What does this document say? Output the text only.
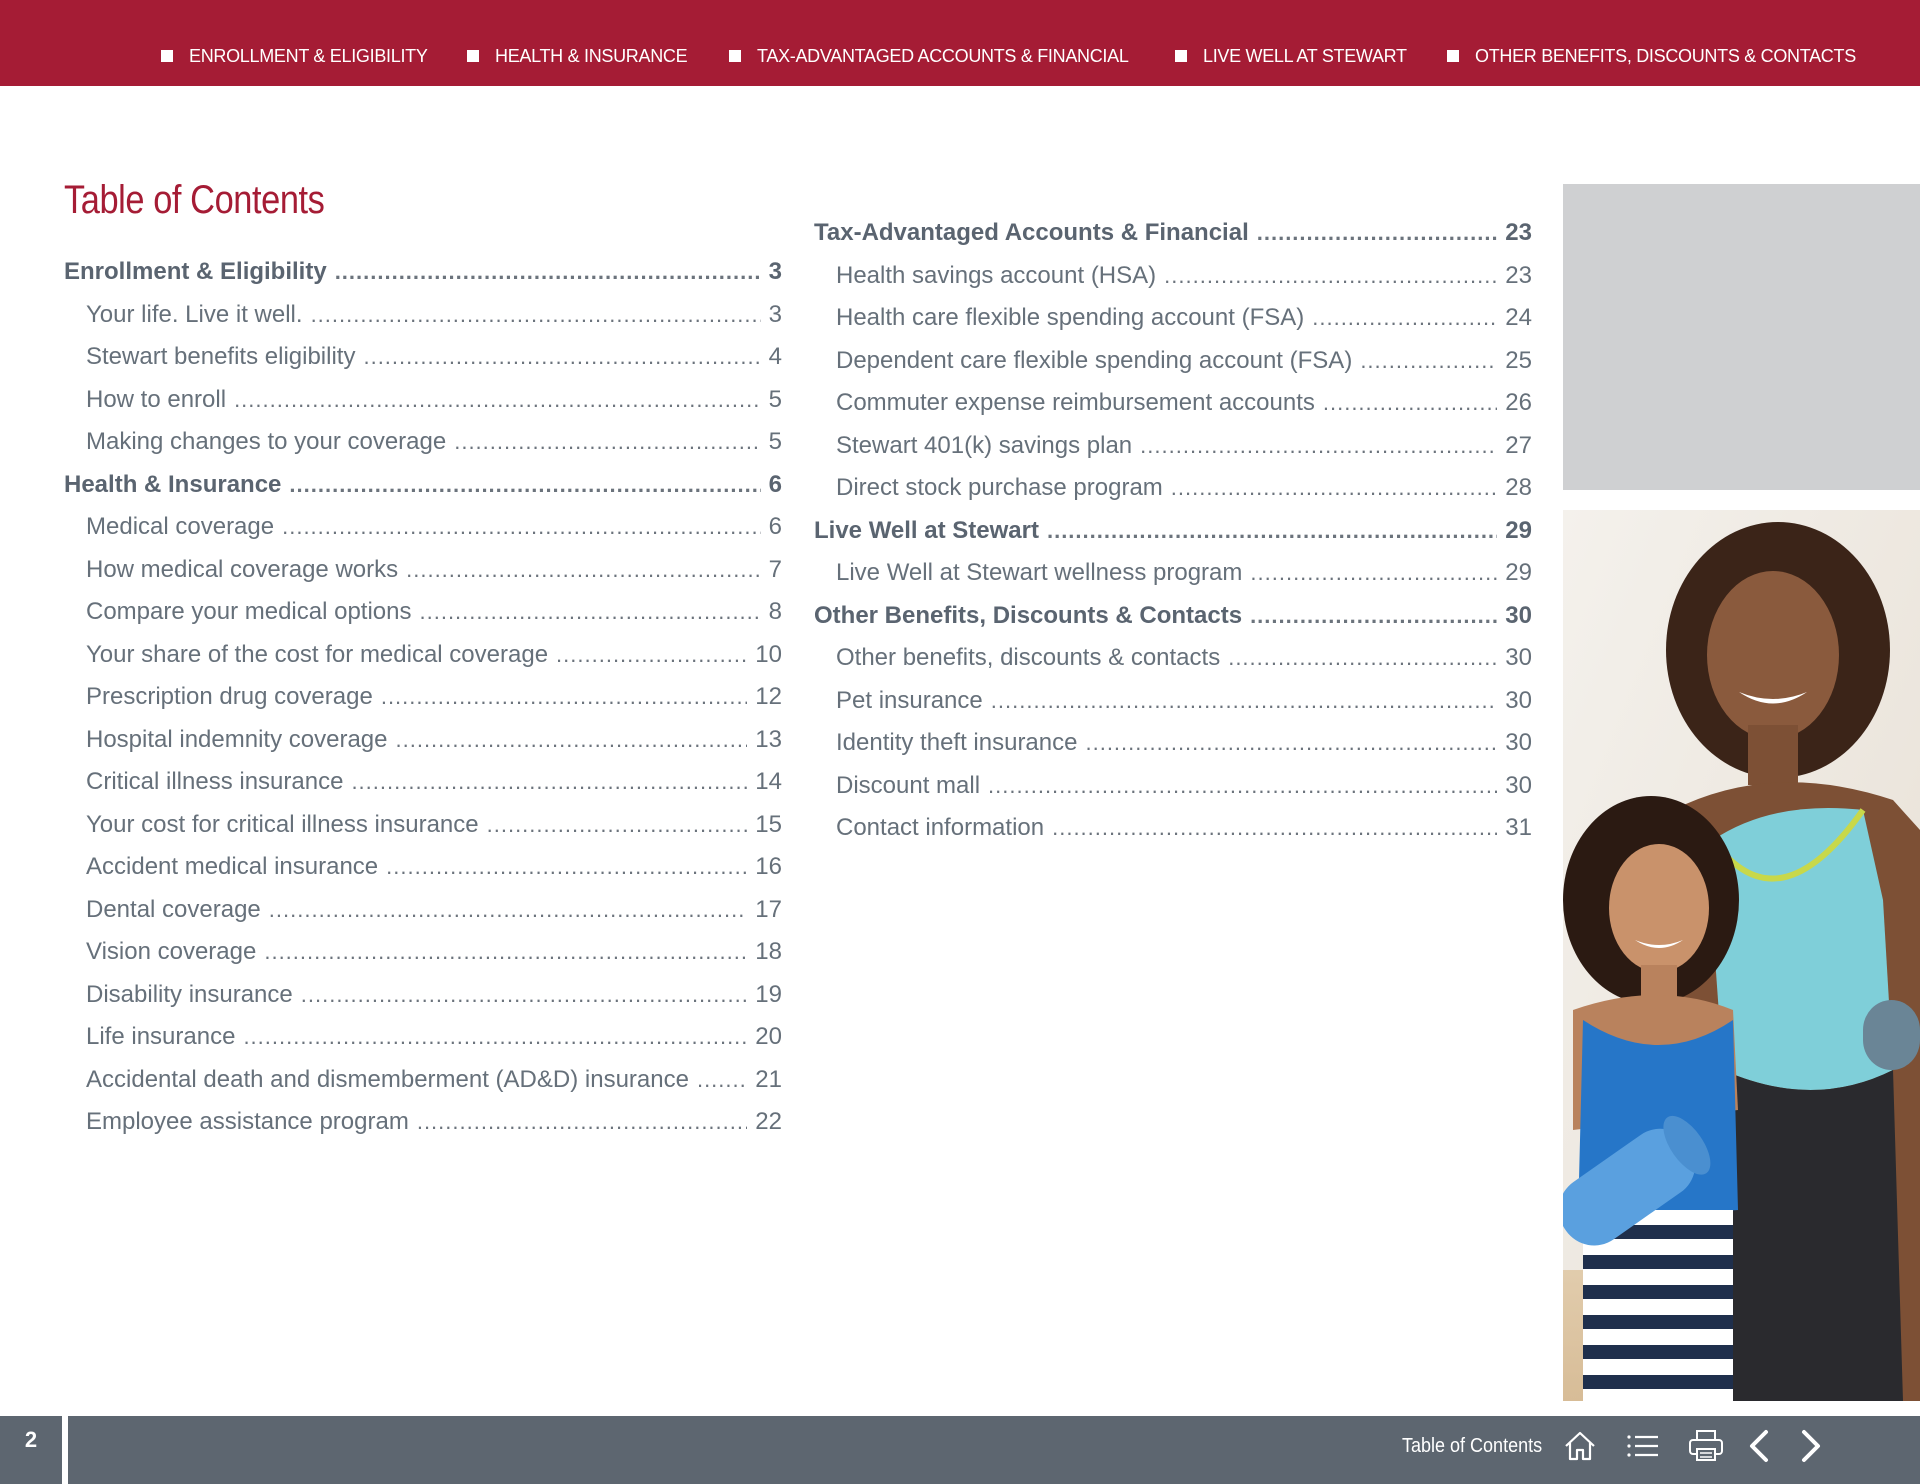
ENROLLMENT & ELIGIBILITY	HEALTH & INSURANCE	TAX-ADVANTAGED ACCOUNTS & FINANCIAL	LIVE WELL AT STEWART	OTHER BENEFITS, DISCOUNTS & CONTACTS
Table of Contents
Enrollment & Eligibility .....	3
Your life. Live it well. .....	3
Stewart benefits eligibility .....	4
How to enroll .....	5
Making changes to your coverage .....	5
Health & Insurance .....	6
Medical coverage .....	6
How medical coverage works .....	7
Compare your medical options .....	8
Your share of the cost for medical coverage .....	10
Prescription drug coverage .....	12
Hospital indemnity coverage .....	13
Critical illness insurance .....	14
Your cost for critical illness insurance .....	15
Accident medical insurance .....	16
Dental coverage .....	17
Vision coverage .....	18
Disability insurance .....	19
Life insurance .....	20
Accidental death and dismemberment (AD&D) insurance .....	21
Employee assistance program .....	22
Tax-Advantaged Accounts & Financial .....	23
Health savings account (HSA) .....	23
Health care flexible spending account (FSA) .....	24
Dependent care flexible spending account (FSA) .....	25
Commuter expense reimbursement accounts .....	26
Stewart 401(k) savings plan .....	27
Direct stock purchase program .....	28
Live Well at Stewart .....	29
Live Well at Stewart wellness program .....	29
Other Benefits, Discounts & Contacts .....	30
Other benefits, discounts & contacts .....	30
Pet insurance .....	30
Identity theft insurance .....	30
Discount mall .....	30
Contact information .....	31
2	Table of Contents
